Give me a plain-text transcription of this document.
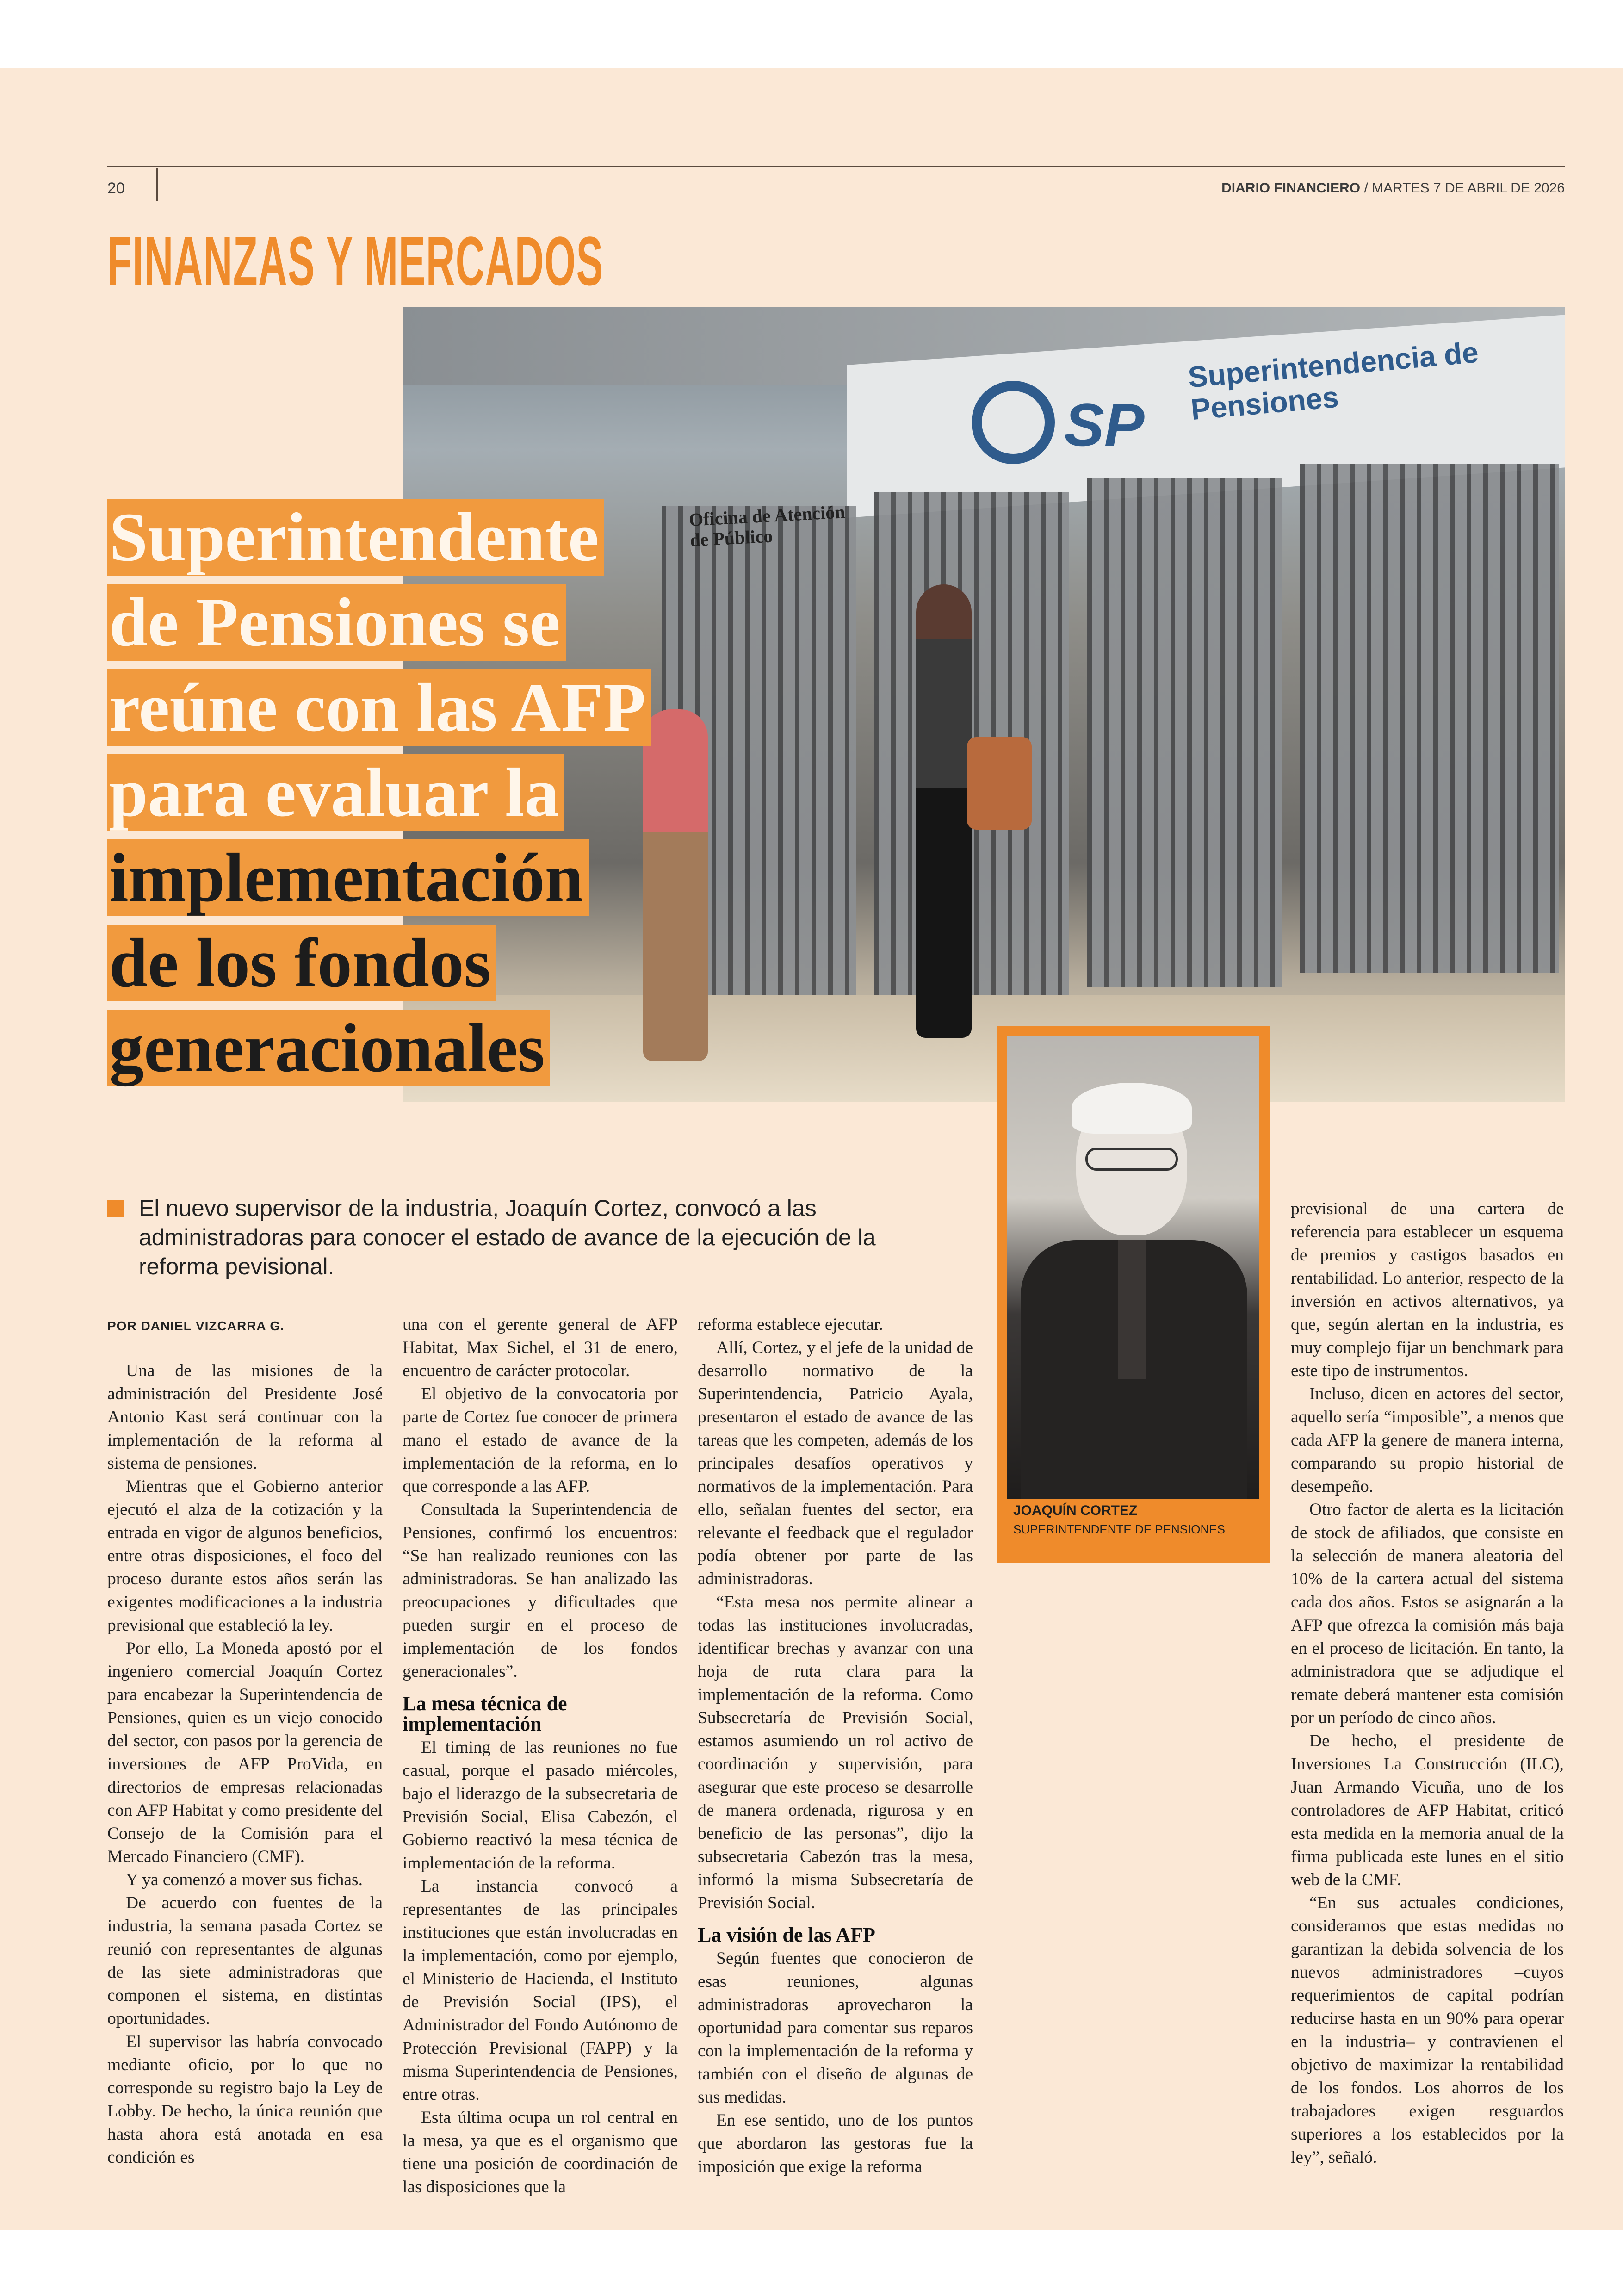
20	DIARIO FINANCIERO / MARTES 7 DE ABRIL DE 2026
FINANZAS Y MERCADOS
SP
Superintendencia de
Pensiones
Oficina de Atención
de Público
Superintendente
de Pensiones se
reúne con las AFP
para evaluar la
implementación
de los fondos
generacionales

El nuevo supervisor de la industria, Joaquín Cortez, convocó a las administradoras para conocer el estado de avance de la ejecución de la reforma pevisional.

JOAQUÍN CORTEZ
SUPERINTENDENTE DE PENSIONES
POR DANIEL VIZCARRA G.

Una de las misiones de la administración del Presidente José Antonio Kast será continuar con la implementación de la reforma al sistema de pensiones.

Mientras que el Gobierno anterior ejecutó el alza de la cotización y la entrada en vigor de algunos beneficios, entre otras disposiciones, el foco del proceso durante estos años serán las exigentes modificaciones a la industria previsional que estableció la ley.

Por ello, La Moneda apostó por el ingeniero comercial Joaquín Cortez para encabezar la Superintendencia de Pensiones, quien es un viejo conocido del sector, con pasos por la gerencia de inversiones de AFP ProVida, en directorios de empresas relacionadas con AFP Habitat y como presidente del Consejo de la Comisión para el Mercado Financiero (CMF).

Y ya comenzó a mover sus fichas.

De acuerdo con fuentes de la industria, la semana pasada Cortez se reunió con representantes de algunas de las siete administradoras que componen el sistema, en distintas oportunidades.

El supervisor las habría convocado mediante oficio, por lo que no corresponde su registro bajo la Ley de Lobby. De hecho, la única reunión que hasta ahora está anotada en esa condición es

una con el gerente general de AFP Habitat, Max Sichel, el 31 de enero, encuentro de carácter protocolar.

El objetivo de la convocatoria por parte de Cortez fue conocer de primera mano el estado de avance de la implementación de la reforma, en lo que corresponde a las AFP.

Consultada la Superintendencia de Pensiones, confirmó los encuentros: “Se han realizado reuniones con las administradoras. Se han analizado las preocupaciones y dificultades que pueden surgir en el proceso de implementación de los fondos generacionales”.

La mesa técnica de implementación

El timing de las reuniones no fue casual, porque el pasado miércoles, bajo el liderazgo de la subsecretaria de Previsión Social, Elisa Cabezón, el Gobierno reactivó la mesa técnica de implementación de la reforma.

La instancia convocó a representantes de las principales instituciones que están involucradas en la implementación, como por ejemplo, el Ministerio de Hacienda, el Instituto de Previsión Social (IPS), el Administrador del Fondo Autónomo de Protección Previsional (FAPP) y la misma Superintendencia de Pensiones, entre otras.

Esta última ocupa un rol central en la mesa, ya que es el organismo que tiene una posición de coordinación de las disposiciones que la

reforma establece ejecutar.

Allí, Cortez, y el jefe de la unidad de desarrollo normativo de la Superintendencia, Patricio Ayala, presentaron el estado de avance de las tareas que les competen, además de los principales desafíos operativos y normativos de la implementación. Para ello, señalan fuentes del sector, era relevante el feedback que el regulador podía obtener por parte de las administradoras.

“Esta mesa nos permite alinear a todas las instituciones involucradas, identificar brechas y avanzar con una hoja de ruta clara para la implementación de la reforma. Como Subsecretaría de Previsión Social, estamos asumiendo un rol activo de coordinación y supervisión, para asegurar que este proceso se desarrolle de manera ordenada, rigurosa y en beneficio de las personas”, dijo la subsecretaria Cabezón tras la mesa, informó la misma Subsecretaría de Previsión Social.

La visión de las AFP

Según fuentes que conocieron de esas reuniones, algunas administradoras aprovecharon la oportunidad para comentar sus reparos con la implementación de la reforma y también con el diseño de algunas de sus medidas.

En ese sentido, uno de los puntos que abordaron las gestoras fue la imposición que exige la reforma

previsional de una cartera de referencia para establecer un esquema de premios y castigos basados en rentabilidad. Lo anterior, respecto de la inversión en activos alternativos, ya que, según alertan en la industria, es muy complejo fijar un benchmark para este tipo de instrumentos.

Incluso, dicen en actores del sector, aquello sería “imposible”, a menos que cada AFP la genere de manera interna, comparando su propio historial de desempeño.

Otro factor de alerta es la licitación de stock de afiliados, que consiste en la selección de manera aleatoria del 10% de la cartera actual del sistema cada dos años. Estos se asignarán a la AFP que ofrezca la comisión más baja en el proceso de licitación. En tanto, la administradora que se adjudique el remate deberá mantener esta comisión por un período de cinco años.

De hecho, el presidente de Inversiones La Construcción (ILC), Juan Armando Vicuña, uno de los controladores de AFP Habitat, criticó esta medida en la memoria anual de la firma publicada este lunes en el sitio web de la CMF.

“En sus actuales condiciones, consideramos que estas medidas no garantizan la debida solvencia de los nuevos administradores –cuyos requerimientos de capital podrían reducirse hasta en un 90% para operar en la industria– y contravienen el objetivo de maximizar la rentabilidad de los fondos. Los ahorros de los trabajadores exigen resguardos superiores a los establecidos por la ley”, señaló.
